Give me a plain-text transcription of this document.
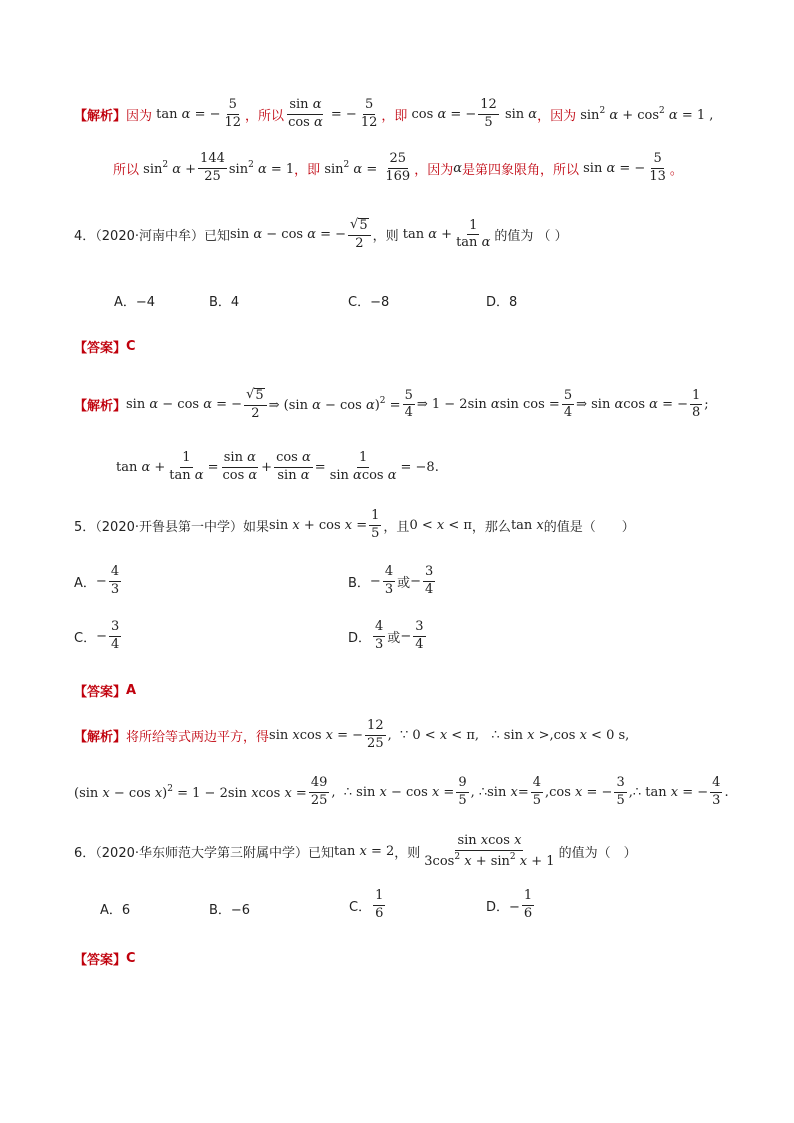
【解析】 因为 tan α = − $\frac{5}{12}$ ，所以 $\frac{\text{sin α}}{\text{cos α}}$ = − $\frac{5}{12}$ ，即 cos α = − $\frac{12}{5}$ sin α ，因为 $\sin^2 \alpha + \cos^2 \alpha = 1$ ,
所以 $\sin^2 \alpha + \frac{144}{25} \sin^2 \alpha = 1$ ，即 $\sin^2 \alpha = \frac{25}{169}$ ，因为 α 是第四象限角，所以 sin α = − $\frac{5}{13}$ 。
4．（2020·河南中牟）已知 sin α − cos α = − $\frac{√ 5}{2}$ ，则 $\tan \alpha + \frac{1}{\text{tan α}}$ 的值为 （ ）
A．−4	B．4	C．−8	D．8
【答案】 C
【解析】 sin α − cos α = − $\frac{√ 5}{2}$ ⇒ (sin $\alpha - \cos \alpha)^2 = \frac{5}{4}$ ⇒ 1 − 2sin αsin $\cos = \frac{5}{4}$ ⇒ sin αcos α = − $\frac{1}{8}$ ;
$\tan \alpha + \frac{1}{\text{tan α}} = \frac{\text{sin α}}{\text{cos α}} + \frac{\text{cos α}}{\text{sin α}} = \frac{1}{\text{sin αcos α}} = -8$.
5．（2020·开鲁县第一中学）如果 $\sin x + \cos x = \frac{1}{5}$ ，且 0 < x < π ，那么 tan x 的值是（　　）
A． − $\frac{4}{3}$	B． − $\frac{4}{3}$ 或 − $\frac{3}{4}$
C． − $\frac{3}{4}$	D． $\frac{4}{3}$ 或 − $\frac{3}{4}$
【答案】 A
【解析】 将所给等式两边平方，得 sin xcos x = − $\frac{12}{25}$ ,  ∵ 0 < x < π,   ∴ sin x >,cos x < 0 s,
(sin x − cos x)$^2$ = 1 − 2sin xcos $x = \frac{49}{25}$ ,  ∴ $\sin x - \cos x = \frac{9}{5}$ , ∴sin $x= \frac{4}{5} ,\cos$ x = − $\frac{3}{5}$ ,∴ tan x = − $\frac{4}{3}$ .
6．（2020·华东师范大学第三附属中学）已知 tan x = 2 ，则 $\frac{\text{sin xcos x}}{3\cos^2 x + \sin^2 x + 1}$ 的值为（　）
A．6	B．−6	C． $\frac{1}{6}$	D．− $\frac{1}{6}$
【答案】 C
